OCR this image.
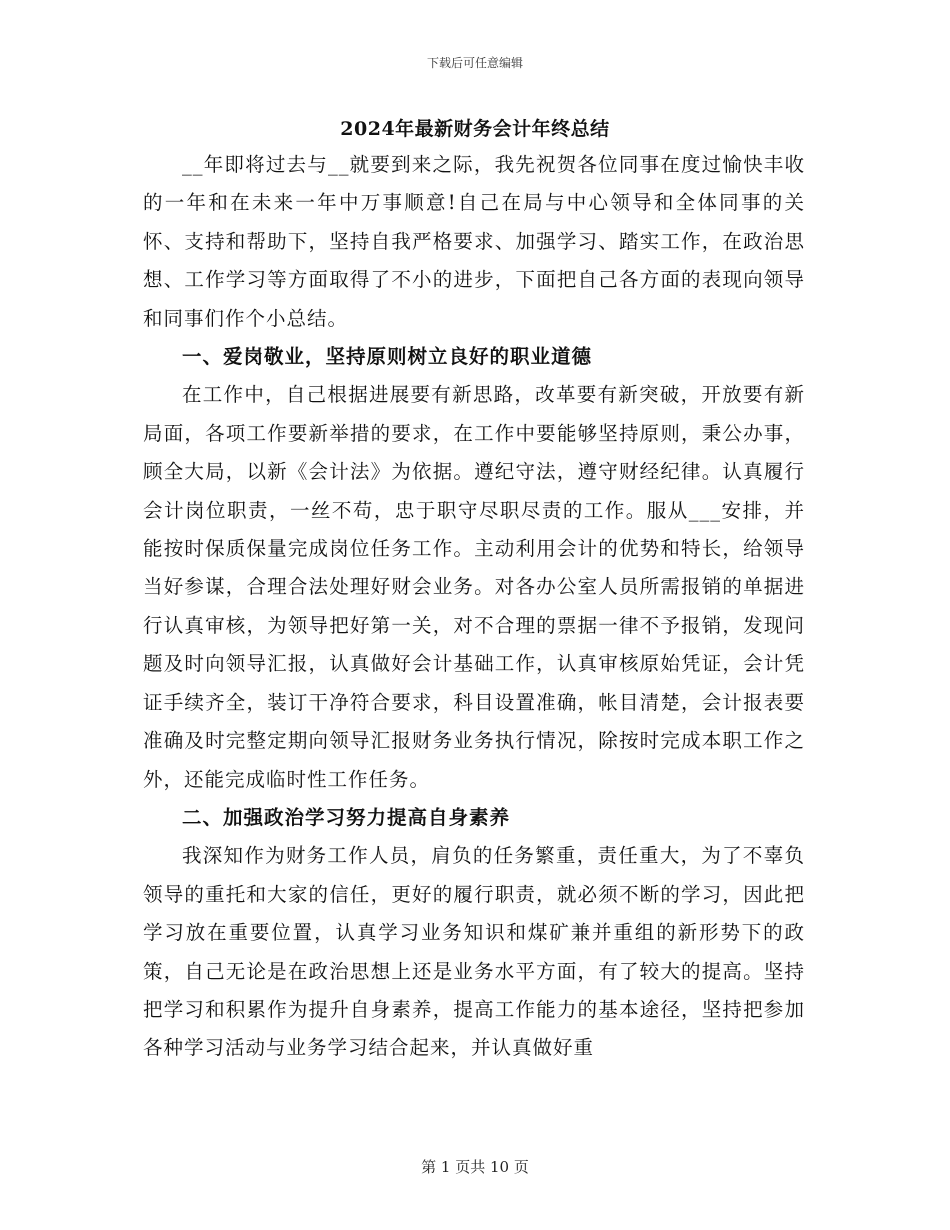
下载后可任意编辑
2024年最新财务会计年终总结

__年即将过去与__就要到来之际，我先祝贺各位同事在度过愉快丰收的一年和在未来一年中万事顺意!自己在局与中心领导和全体同事的关怀、支持和帮助下，坚持自我严格要求、加强学习、踏实工作，在政治思想、工作学习等方面取得了不小的进步，下面把自己各方面的表现向领导和同事们作个小总结。

一、爱岗敬业，坚持原则树立良好的职业道德

在工作中，自己根据进展要有新思路，改革要有新突破，开放要有新局面，各项工作要新举措的要求，在工作中要能够坚持原则，秉公办事，顾全大局，以新《会计法》为依据。遵纪守法，遵守财经纪律。认真履行会计岗位职责，一丝不苟，忠于职守尽职尽责的工作。服从___安排，并能按时保质保量完成岗位任务工作。主动利用会计的优势和特长，给领导当好参谋，合理合法处理好财会业务。对各办公室人员所需报销的单据进行认真审核，为领导把好第一关，对不合理的票据一律不予报销，发现问题及时向领导汇报，认真做好会计基础工作，认真审核原始凭证，会计凭证手续齐全，装订干净符合要求，科目设置准确，帐目清楚，会计报表要准确及时完整定期向领导汇报财务业务执行情况，除按时完成本职工作之外，还能完成临时性工作任务。

二、加强政治学习努力提高自身素养

我深知作为财务工作人员，肩负的任务繁重，责任重大，为了不辜负领导的重托和大家的信任，更好的履行职责，就必须不断的学习，因此把学习放在重要位置，认真学习业务知识和煤矿兼并重组的新形势下的政策，自己无论是在政治思想上还是业务水平方面，有了较大的提高。坚持把学习和积累作为提升自身素养，提高工作能力的基本途径，坚持把参加各种学习活动与业务学习结合起来，并认真做好重

第 1 页共 10 页
